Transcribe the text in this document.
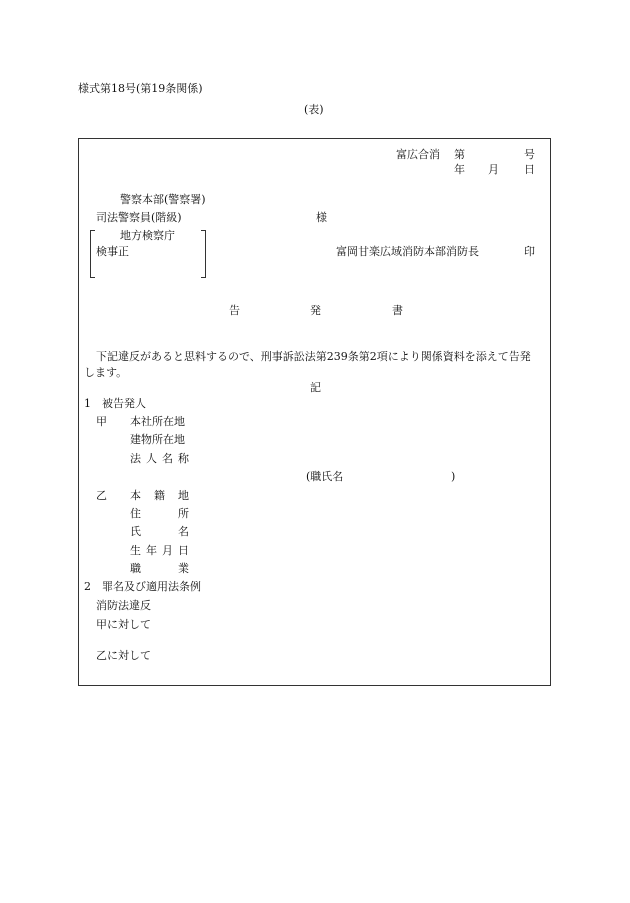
様式第18号(第19条関係)
(表)
富広合消 第	号
年 月 日
警察本部(警察署)
司法警察員(階級)	様
地方検察庁
検事正	富岡甘楽広域消防本部消防長	印
告	発	書
下記違反があると思料するので、刑事訴訟法第239条第2項により関係資料を添えて告発
します。
記
1　被告発人
甲 本社所在地
建物所在地
法 人 名 称
(職氏名	)
乙 本 籍 地
住	所
氏	名
生 年 月 日
職	業
2　罪名及び適用法条例
消防法違反
甲に対して
乙に対して
